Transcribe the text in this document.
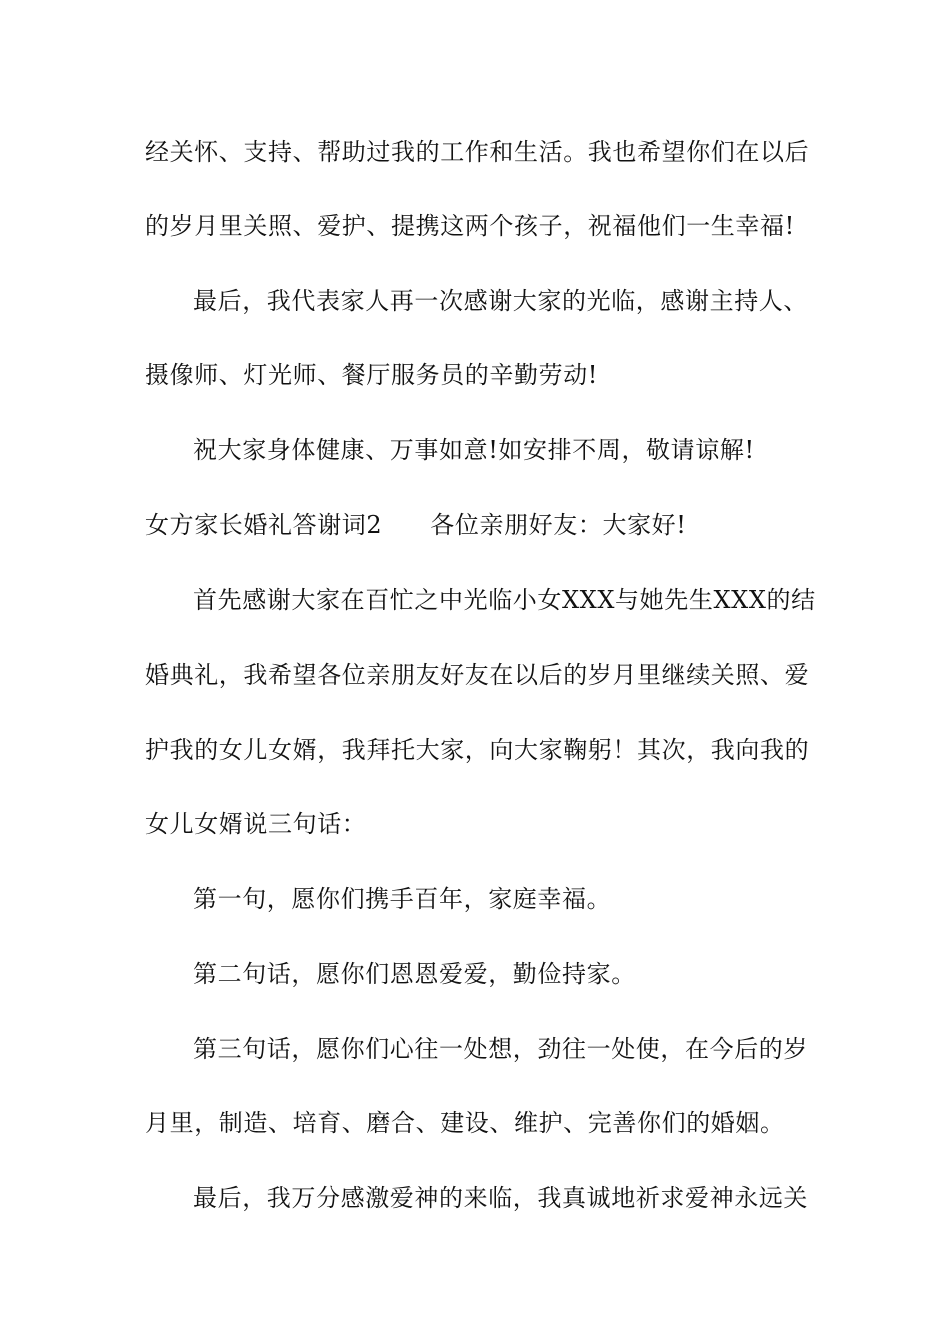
经关怀、支持、帮助过我的工作和生活。我也希望你们在以后
的岁月里关照、爱护、提携这两个孩子，祝福他们一生幸福!
最后，我代表家人再一次感谢大家的光临，感谢主持人、
摄像师、灯光师、餐厅服务员的辛勤劳动!
祝大家身体健康、万事如意!如安排不周，敬请谅解!
女方家长婚礼答谢词2 各位亲朋好友：大家好!
首先感谢大家在百忙之中光临小女XXX与她先生XXX的结
婚典礼，我希望各位亲朋友好友在以后的岁月里继续关照、爱
护我的女儿女婿，我拜托大家，向大家鞠躬！其次，我向我的
女儿女婿说三句话：
第一句，愿你们携手百年，家庭幸福。
第二句话，愿你们恩恩爱爱，勤俭持家。
第三句话，愿你们心往一处想，劲往一处使，在今后的岁
月里，制造、培育、磨合、建设、维护、完善你们的婚姻。
最后，我万分感激爱神的来临，我真诚地祈求爱神永远关
